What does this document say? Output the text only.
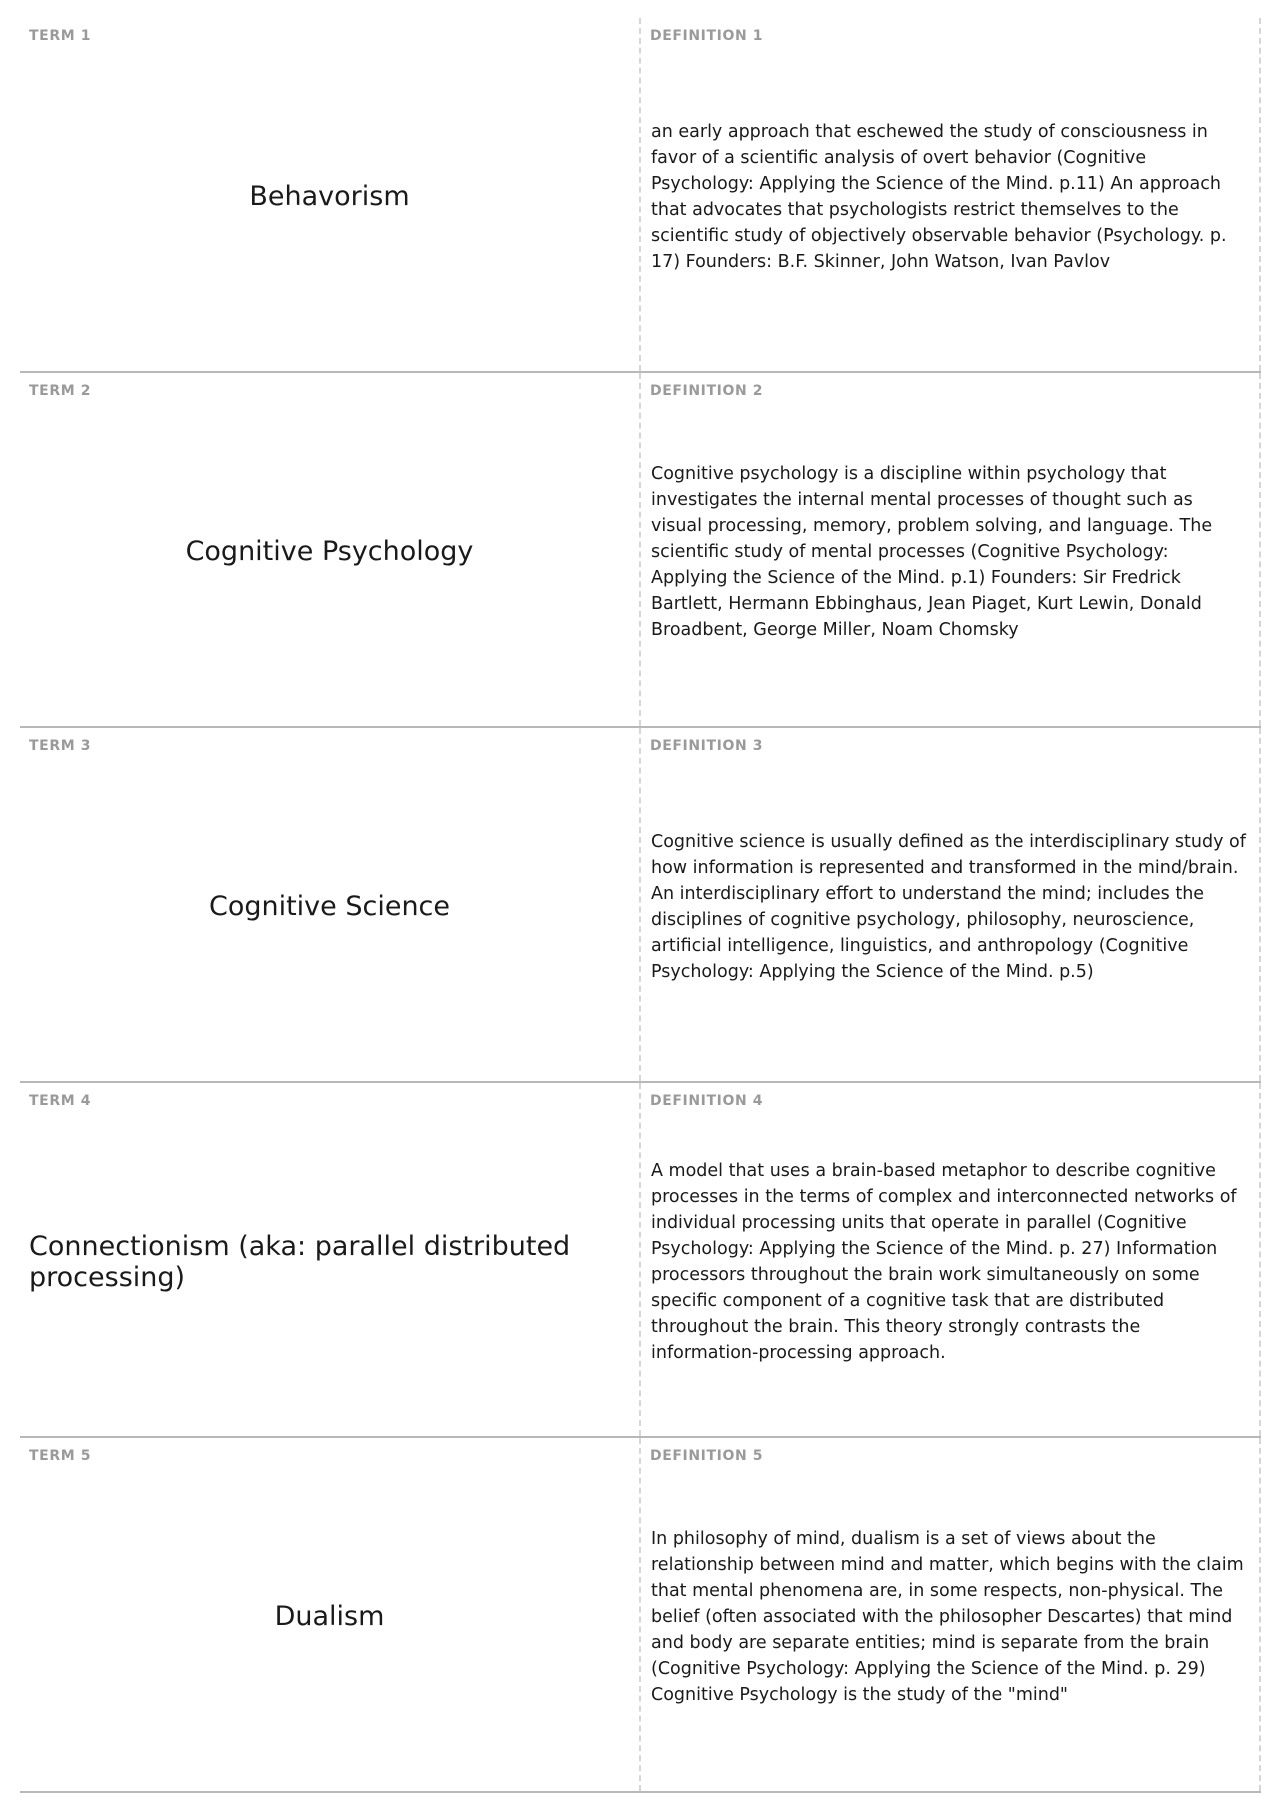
TERM 1
Behavorism
DEFINITION 1
an early approach that eschewed the study of consciousness in favor of a scientific analysis of overt behavior (Cognitive Psychology: Applying the Science of the Mind. p.11) An approach that advocates that psychologists restrict themselves to the scientific study of objectively observable behavior (Psychology. p. 17) Founders: B.F. Skinner, John Watson, Ivan Pavlov
TERM 2
Cognitive Psychology
DEFINITION 2
Cognitive psychology is a discipline within psychology that investigates the internal mental processes of thought such as visual processing, memory, problem solving, and language. The scientific study of mental processes (Cognitive Psychology: Applying the Science of the Mind. p.1) Founders: Sir Fredrick Bartlett, Hermann Ebbinghaus, Jean Piaget, Kurt Lewin, Donald Broadbent, George Miller, Noam Chomsky
TERM 3
Cognitive Science
DEFINITION 3
Cognitive science is usually defined as the interdisciplinary study of how information is represented and transformed in the mind/brain. An interdisciplinary effort to understand the mind; includes the disciplines of cognitive psychology, philosophy, neuroscience, artificial intelligence, linguistics, and anthropology (Cognitive Psychology: Applying the Science of the Mind. p.5)
TERM 4
Connectionism (aka: parallel distributed processing)
DEFINITION 4
A model that uses a brain-based metaphor to describe cognitive processes in the terms of complex and interconnected networks of individual processing units that operate in parallel (Cognitive Psychology: Applying the Science of the Mind. p. 27) Information processors throughout the brain work simultaneously on some specific component of a cognitive task that are distributed throughout the brain. This theory strongly contrasts the information-processing approach.
TERM 5
Dualism
DEFINITION 5
In philosophy of mind, dualism is a set of views about the relationship between mind and matter, which begins with the claim that mental phenomena are, in some respects, non-physical. The belief (often associated with the philosopher Descartes) that mind and body are separate entities; mind is separate from the brain (Cognitive Psychology: Applying the Science of the Mind. p. 29) Cognitive Psychology is the study of the "mind"
